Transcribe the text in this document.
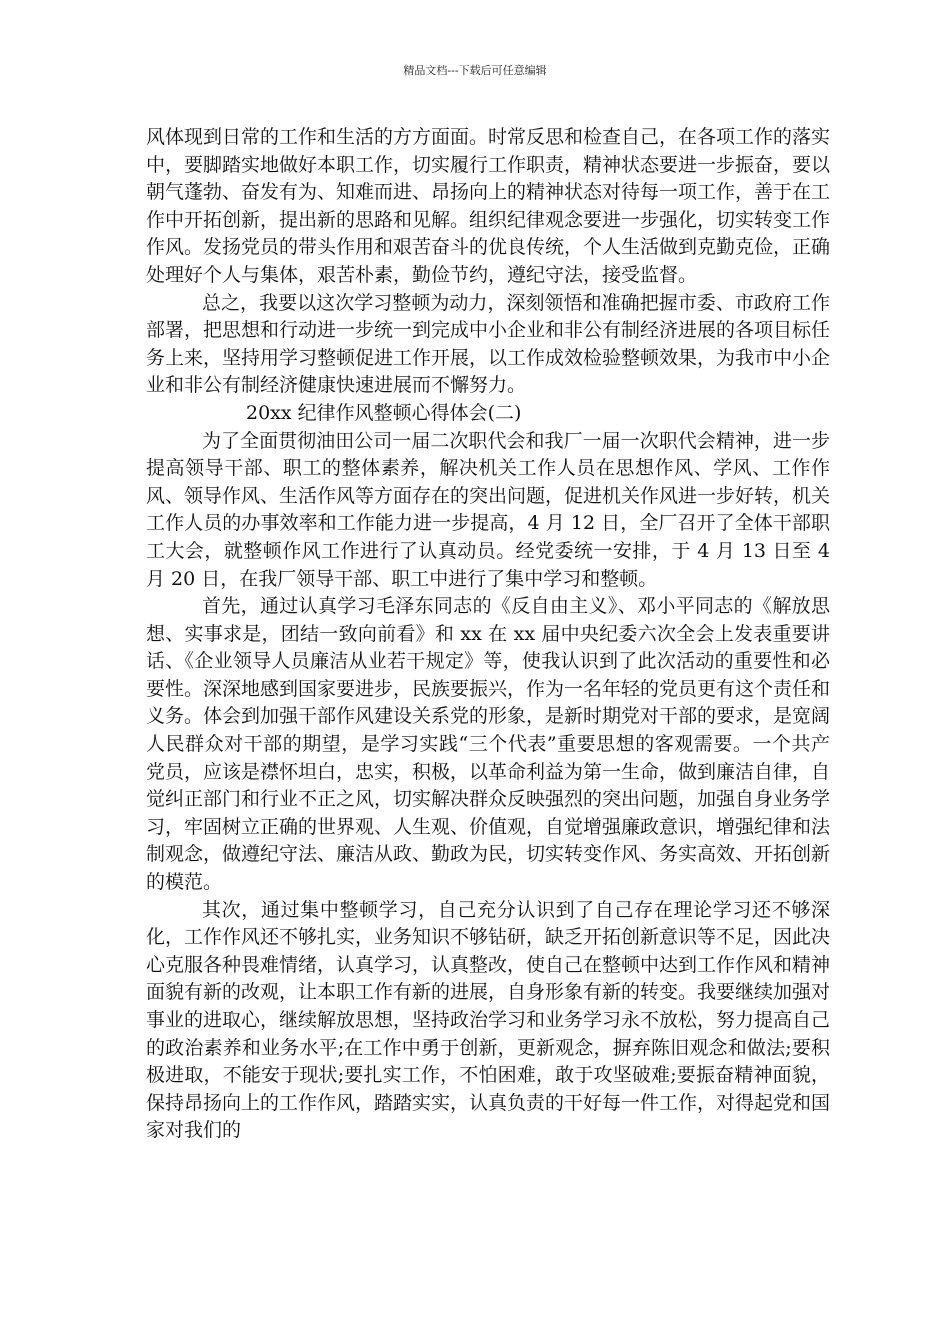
精品文档---下载后可任意编辑

风体现到日常的工作和生活的方方面面。时常反思和检查自己，在各项工作的落实中，要脚踏实地做好本职工作，切实履行工作职责，精神状态要进一步振奋，要以朝气蓬勃、奋发有为、知难而进、昂扬向上的精神状态对待每一项工作，善于在工作中开拓创新，提出新的思路和见解。组织纪律观念要进一步强化，切实转变工作作风。发扬党员的带头作用和艰苦奋斗的优良传统，个人生活做到克勤克俭，正确处理好个人与集体，艰苦朴素，勤俭节约，遵纪守法，接受监督。

总之，我要以这次学习整顿为动力，深刻领悟和准确把握市委、市政府工作部署，把思想和行动进一步统一到完成中小企业和非公有制经济进展的各项目标任务上来，坚持用学习整顿促进工作开展，以工作成效检验整顿效果，为我市中小企业和非公有制经济健康快速进展而不懈努力。

20xx 纪律作风整顿心得体会(二)

为了全面贯彻油田公司一届二次职代会和我厂一届一次职代会精神，进一步提高领导干部、职工的整体素养，解决机关工作人员在思想作风、学风、工作作风、领导作风、生活作风等方面存在的突出问题，促进机关作风进一步好转，机关工作人员的办事效率和工作能力进一步提高，4 月 12 日，全厂召开了全体干部职工大会，就整顿作风工作进行了认真动员。经党委统一安排，于 4 月 13 日至 4 月 20 日，在我厂领导干部、职工中进行了集中学习和整顿。

首先，通过认真学习毛泽东同志的《反自由主义》、邓小平同志的《解放思想、实事求是，团结一致向前看》和 xx 在 xx 届中央纪委六次全会上发表重要讲话、《企业领导人员廉洁从业若干规定》等，使我认识到了此次活动的重要性和必要性。深深地感到国家要进步，民族要振兴，作为一名年轻的党员更有这个责任和义务。体会到加强干部作风建设关系党的形象，是新时期党对干部的要求，是宽阔人民群众对干部的期望，是学习实践“三个代表”重要思想的客观需要。一个共产党员，应该是襟怀坦白，忠实，积极，以革命利益为第一生命，做到廉洁自律，自觉纠正部门和行业不正之风，切实解决群众反映强烈的突出问题，加强自身业务学习，牢固树立正确的世界观、人生观、价值观，自觉增强廉政意识，增强纪律和法制观念，做遵纪守法、廉洁从政、勤政为民，切实转变作风、务实高效、开拓创新的模范。

其次，通过集中整顿学习，自己充分认识到了自己存在理论学习还不够深化，工作作风还不够扎实，业务知识不够钻研，缺乏开拓创新意识等不足，因此决心克服各种畏难情绪，认真学习，认真整改，使自己在整顿中达到工作作风和精神面貌有新的改观，让本职工作有新的进展，自身形象有新的转变。我要继续加强对事业的进取心，继续解放思想，坚持政治学习和业务学习永不放松，努力提高自己的政治素养和业务水平;在工作中勇于创新，更新观念，摒弃陈旧观念和做法;要积极进取，不能安于现状;要扎实工作，不怕困难，敢于攻坚破难;要振奋精神面貌，保持昂扬向上的工作作风，踏踏实实，认真负责的干好每一件工作，对得起党和国家对我们的
